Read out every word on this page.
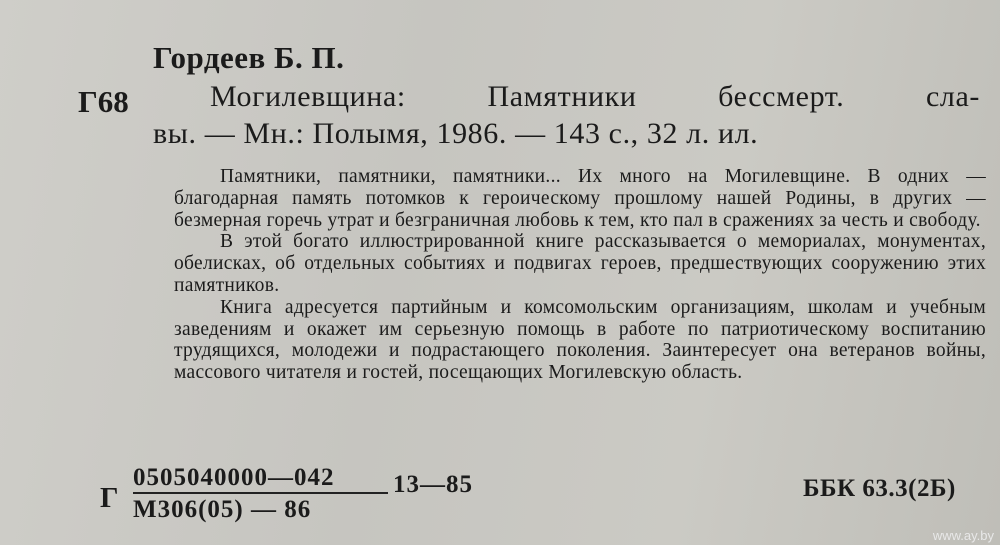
Гордеев Б. П.
Г68	Могилевщина: Памятники бессмерт. сла-
вы. — Мн.: Полымя, 1986. — 143 с., 32 л. ил.

Памятники, памятники, памятники... Их много на Могилевщине. В одних — благодарная память потомков к героическому прошлому нашей Родины, в других — безмерная горечь утрат и безграничная любовь к тем, кто пал в сражениях за честь и свободу.

В этой богато иллюстрированной книге рассказывается о мемориалах, монументах, обелисках, об отдельных событиях и подвигах героев, предшествующих сооружению этих памятников.

Книга адресуется партийным и комсомольским организациям, школам и учебным заведениям и окажет им серьезную помощь в работе по патриотическому воспитанию трудящихся, молодежи и подрастающего поколения. Заинтересует она ветеранов войны, массового читателя и гостей, посещающих Могилевскую область.

Г
0505040000—042
М306(05) — 86
13—85	ББК 63.3(2Б)
www.ay.by
